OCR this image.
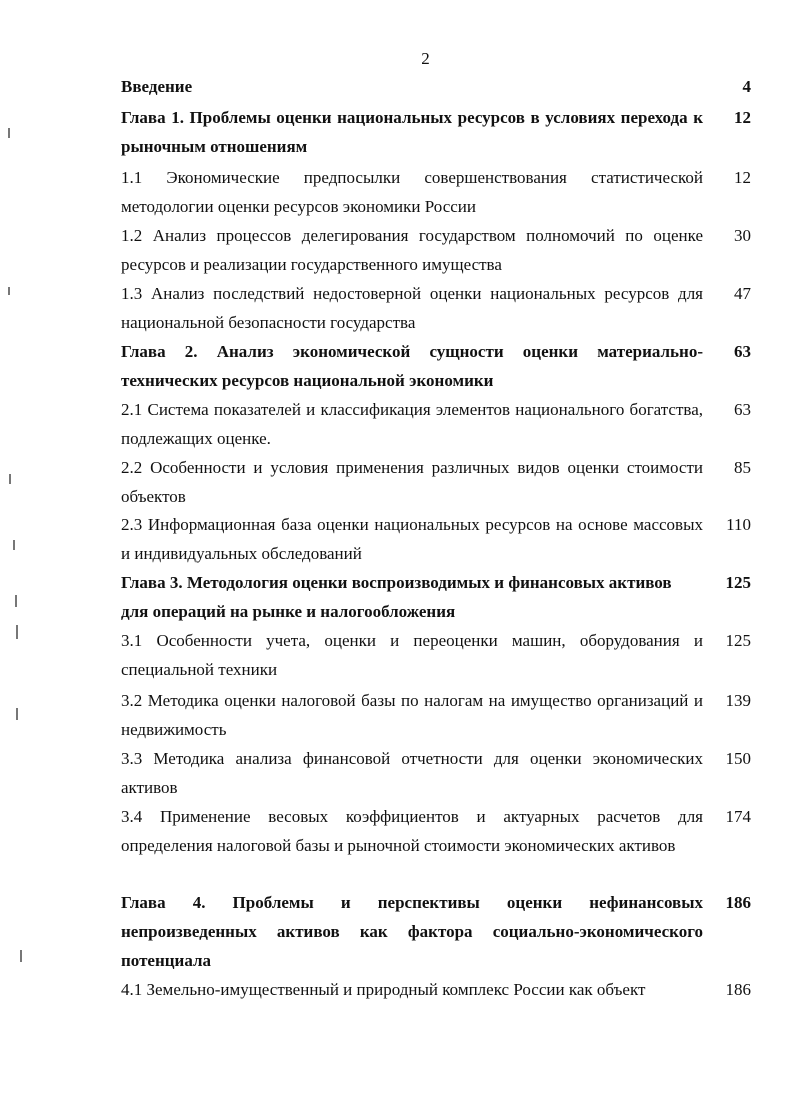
2
Введение	4
Глава 1. Проблемы оценки национальных ресурсов в условиях перехода к рыночным отношениям
12
1.1 Экономические предпосылки совершенствования статистической методологии оценки ресурсов экономики России
12
1.2 Анализ процессов делегирования государством полномочий по оценке ресурсов и реализации государственного имущества
30
1.3 Анализ последствий недостоверной оценки национальных ресурсов для национальной безопасности государства
47
Глава 2. Анализ экономической сущности оценки материально-технических ресурсов национальной экономики
63
2.1 Система показателей и классификация элементов национального богатства, подлежащих оценке.
63
2.2 Особенности и условия применения различных видов оценки стоимости объектов
85
2.3 Информационная база оценки национальных ресурсов на основе массовых и индивидуальных обследований
110
Глава 3. Методология оценки воспроизводимых и финансовых активов для операций на рынке и налогообложения
125
3.1 Особенности учета, оценки и переоценки машин, оборудования и специальной техники
125
3.2 Методика оценки налоговой базы по налогам на имущество организаций и недвижимость
139
3.3 Методика анализа финансовой отчетности для оценки экономических активов
150
3.4 Применение весовых коэффициентов и актуарных расчетов для определения налоговой базы и рыночной стоимости экономических активов
174
Глава 4. Проблемы и перспективы оценки нефинансовых непроизведенных активов как фактора социально-экономического потенциала
186
4.1 Земельно-имущественный и природный комплекс России как объект	186
